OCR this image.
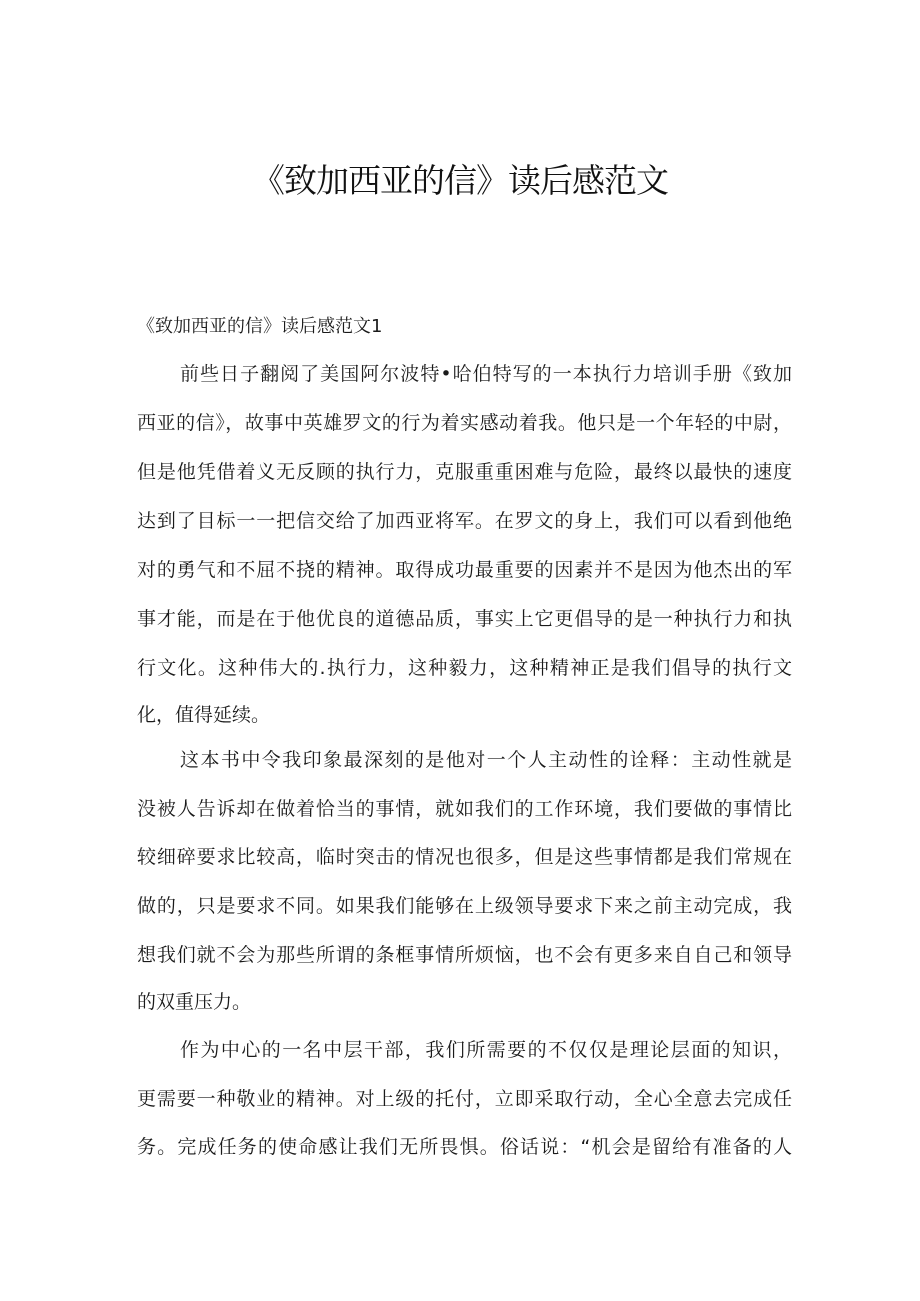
《致加西亚的信》读后感范文

《致加西亚的信》读后感范文1

前些日子翻阅了美国阿尔波特•哈伯特写的一本执行力培训手册《致加
西亚的信》，故事中英雄罗文的行为着实感动着我。他只是一个年轻的中尉，
但是他凭借着义无反顾的执行力，克服重重困难与危险，最终以最快的速度
达到了目标一一把信交给了加西亚将军。在罗文的身上，我们可以看到他绝
对的勇气和不屈不挠的精神。取得成功最重要的因素并不是因为他杰出的军
事才能，而是在于他优良的道德品质，事实上它更倡导的是一种执行力和执
行文化。这种伟大的.执行力，这种毅力，这种精神正是我们倡导的执行文
化，值得延续。
这本书中令我印象最深刻的是他对一个人主动性的诠释：主动性就是
没被人告诉却在做着恰当的事情，就如我们的工作环境，我们要做的事情比
较细碎要求比较高，临时突击的情况也很多，但是这些事情都是我们常规在
做的，只是要求不同。如果我们能够在上级领导要求下来之前主动完成，我
想我们就不会为那些所谓的条框事情所烦恼，也不会有更多来自自己和领导
的双重压力。
作为中心的一名中层干部，我们所需要的不仅仅是理论层面的知识，
更需要一种敬业的精神。对上级的托付，立即采取行动，全心全意去完成任
务。完成任务的使命感让我们无所畏惧。俗话说：“机会是留给有准备的人
